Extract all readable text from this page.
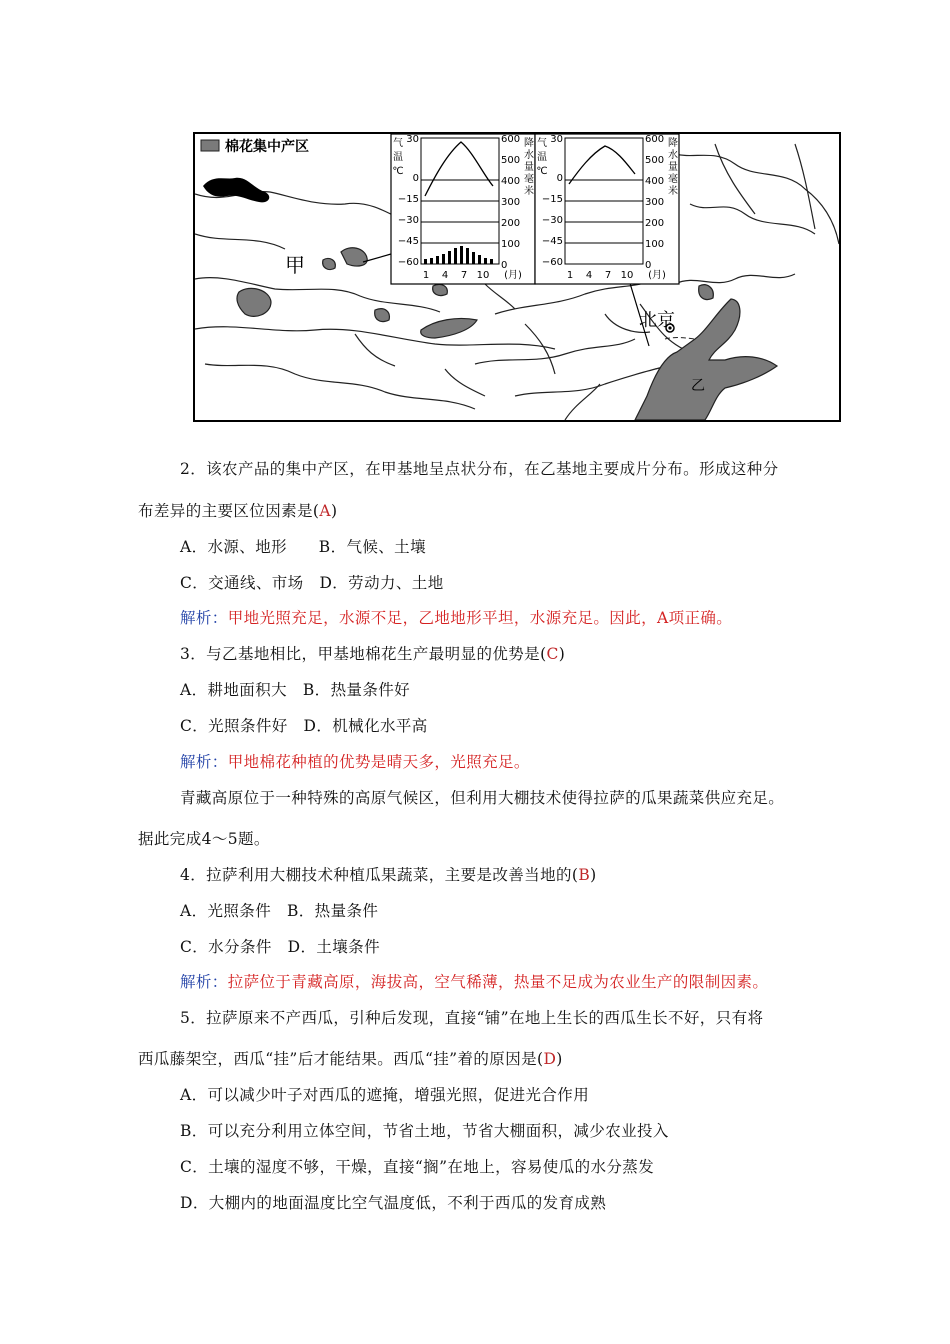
棉花集中产区
甲
乙
北京
气
温
℃
降
水
量
毫
米
30
0
−15
−30
−45
−60
600
500
400
300
200
100
0
1 4 7 10 (月)
气
温
℃
降
水
量
毫
米
30
0
−15
−30
−45
−60
600
500
400
300
200
100
0
1 4 7 10 (月)
2．该农产品的集中产区，在甲基地呈点状分布，在乙基地主要成片分布。形成这种分
布差异的主要区位因素是(A)
A．水源、地形　　B．气候、土壤
C．交通线、市场　D．劳动力、土地
解析：甲地光照充足，水源不足，乙地地形平坦，水源充足。因此，A项正确。
3．与乙基地相比，甲基地棉花生产最明显的优势是(C)
A．耕地面积大　B．热量条件好
C．光照条件好　D．机械化水平高
解析：甲地棉花种植的优势是晴天多，光照充足。
青藏高原位于一种特殊的高原气候区，但利用大棚技术使得拉萨的瓜果蔬菜供应充足。
据此完成4～5题。
4．拉萨利用大棚技术种植瓜果蔬菜，主要是改善当地的(B)
A．光照条件　B．热量条件
C．水分条件　D．土壤条件
解析：拉萨位于青藏高原，海拔高，空气稀薄，热量不足成为农业生产的限制因素。
5．拉萨原来不产西瓜，引种后发现，直接“铺”在地上生长的西瓜生长不好，只有将
西瓜藤架空，西瓜“挂”后才能结果。西瓜“挂”着的原因是(D)
A．可以减少叶子对西瓜的遮掩，增强光照，促进光合作用
B．可以充分利用立体空间，节省土地，节省大棚面积，减少农业投入
C．土壤的湿度不够，干燥，直接“搁”在地上，容易使瓜的水分蒸发
D．大棚内的地面温度比空气温度低，不利于西瓜的发育成熟
